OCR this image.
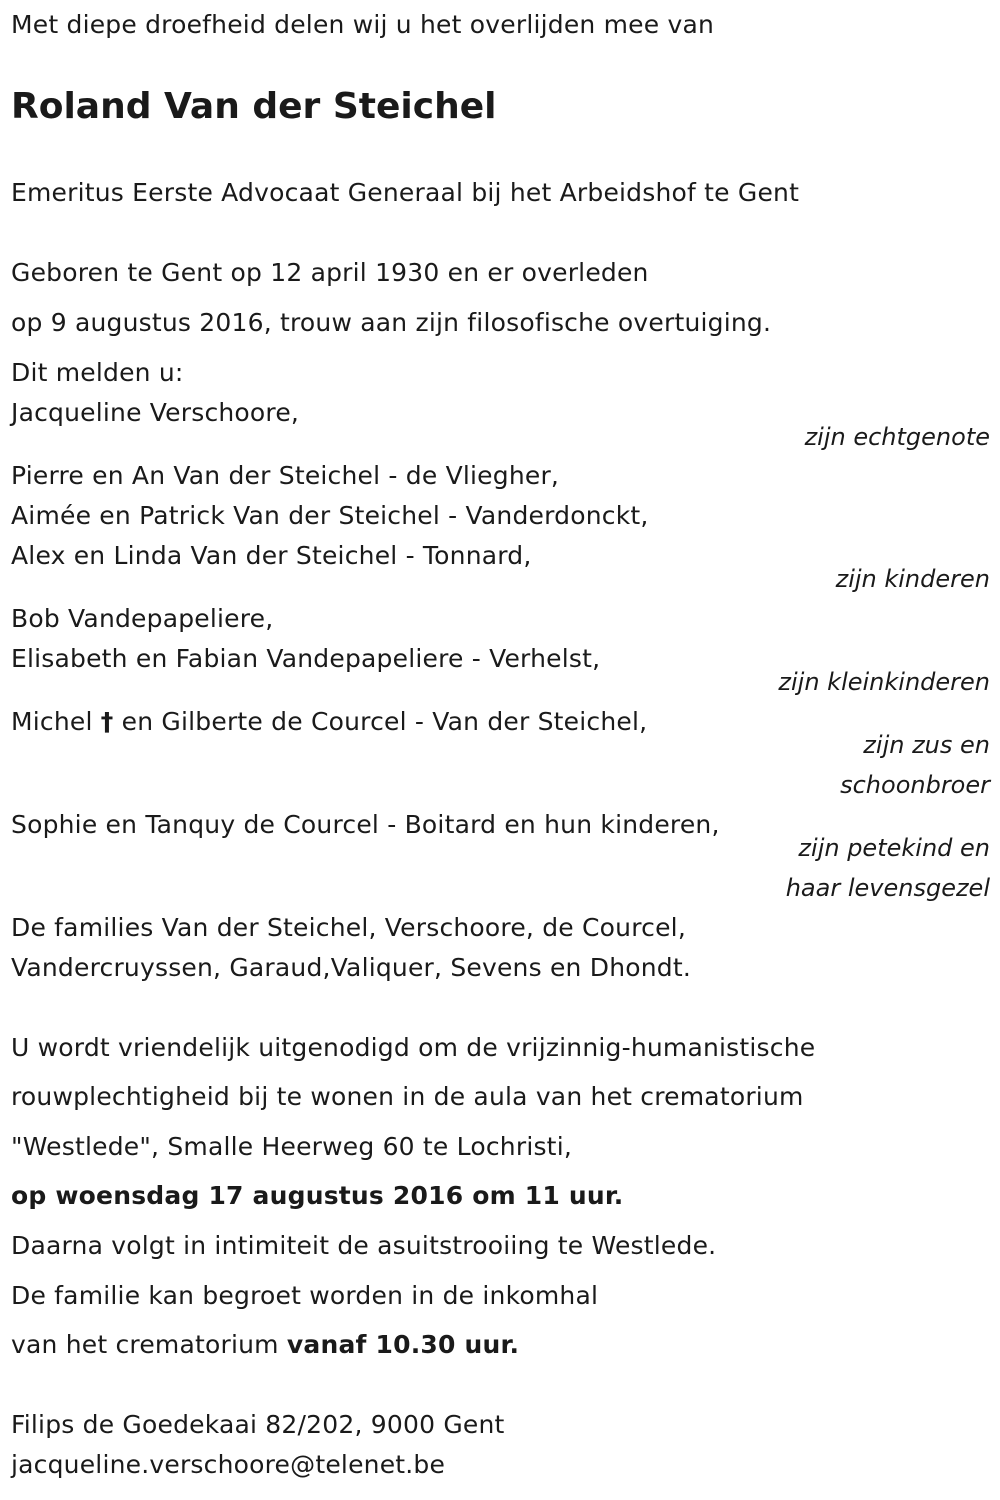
Met diepe droefheid delen wij u het overlijden mee van
Roland Van der Steichel
Emeritus Eerste Advocaat Generaal bij het Arbeidshof te Gent
Geboren te Gent op 12 april 1930 en er overleden
op 9 augustus 2016, trouw aan zijn filosofische overtuiging.
Dit melden u:
Jacqueline Verschoore,
zijn echtgenote
Pierre en An Van der Steichel - de Vliegher,
Aimée en Patrick Van der Steichel - Vanderdonckt,
Alex en Linda Van der Steichel - Tonnard,
zijn kinderen
Bob Vandepapeliere,
Elisabeth en Fabian Vandepapeliere - Verhelst,
zijn kleinkinderen
Michel † en Gilberte de Courcel - Van der Steichel,
zijn zus en
schoonbroer
Sophie en Tanquy de Courcel - Boitard en hun kinderen,
zijn petekind en
haar levensgezel
De families Van der Steichel, Verschoore, de Courcel,
Vandercruyssen, Garaud,Valiquer, Sevens en Dhondt.
U wordt vriendelijk uitgenodigd om de vrijzinnig-humanistische
rouwplechtigheid bij te wonen in de aula van het crematorium
"Westlede", Smalle Heerweg 60 te Lochristi,
op woensdag 17 augustus 2016 om 11 uur.
Daarna volgt in intimiteit de asuitstrooiing te Westlede.
De familie kan begroet worden in de inkomhal
van het crematorium vanaf 10.30 uur.
Filips de Goedekaai 82/202, 9000 Gent
jacqueline.verschoore@telenet.be
